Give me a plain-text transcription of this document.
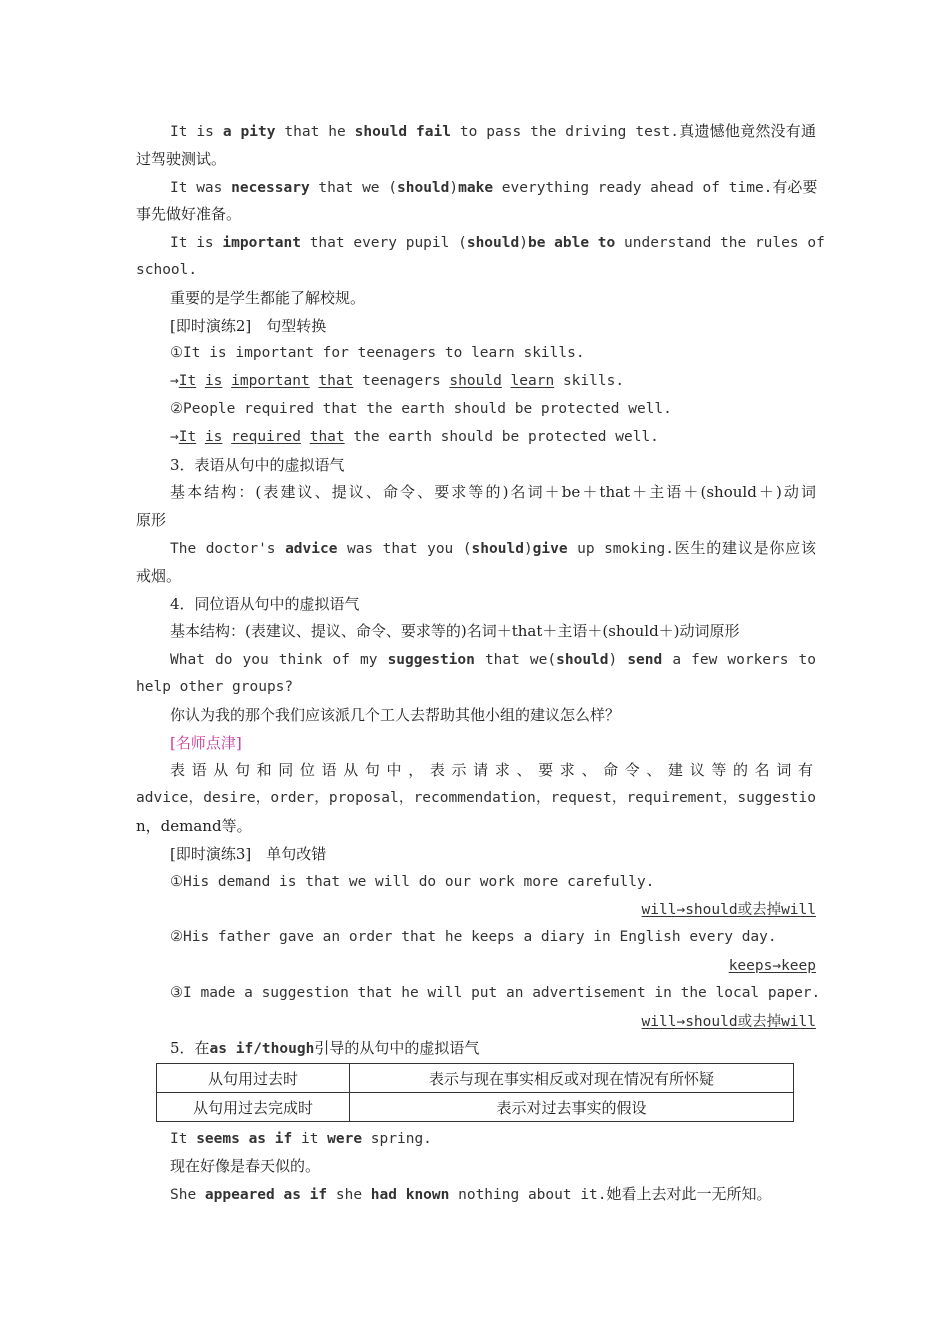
It is a pity that he should fail to pass the driving test.真遗憾他竟然没有通
过驾驶测试。
It was necessary that we (should)make everything ready ahead of time.有必要
事先做好准备。
It is important that every pupil (should)be able to understand the rules of
school.
重要的是学生都能了解校规。
[即时演练2]　句型转换
①It is important for teenagers to learn skills.
→It is important that teenagers should learn skills.
②People required that the earth should be protected well.
→It is required that the earth should be protected well.
3．表语从句中的虚拟语气
基本结构：(表建议、提议、命令、要求等的)名词＋be＋that＋主语＋(should＋)动词
原形
The doctor's advice was that you (should)give up smoking.医生的建议是你应该
戒烟。
4．同位语从句中的虚拟语气
基本结构：(表建议、提议、命令、要求等的)名词＋that＋主语＋(should＋)动词原形
What do you think of my suggestion that we(should) send a few workers to
help other groups?
你认为我的那个我们应该派几个工人去帮助其他小组的建议怎么样？
[名师点津]
表语从句和同位语从句中，表示请求、要求、命令、建议等的名词有
advice，desire，order，proposal，recommendation，request，requirement，suggestio
n，demand等。
[即时演练3]　单句改错
①His demand is that we will do our work more carefully.
will→should或去掉will
②His father gave an order that he keeps a diary in English every day.
keeps→keep
③I made a suggestion that he will put an advertisement in the local paper.
will→should或去掉will
5．在as if/though引导的从句中的虚拟语气
从句用过去时	表示与现在事实相反或对现在情况有所怀疑
从句用过去完成时	表示对过去事实的假设
It seems as if it were spring.
现在好像是春天似的。
She appeared as if she had known nothing about it.她看上去对此一无所知。
